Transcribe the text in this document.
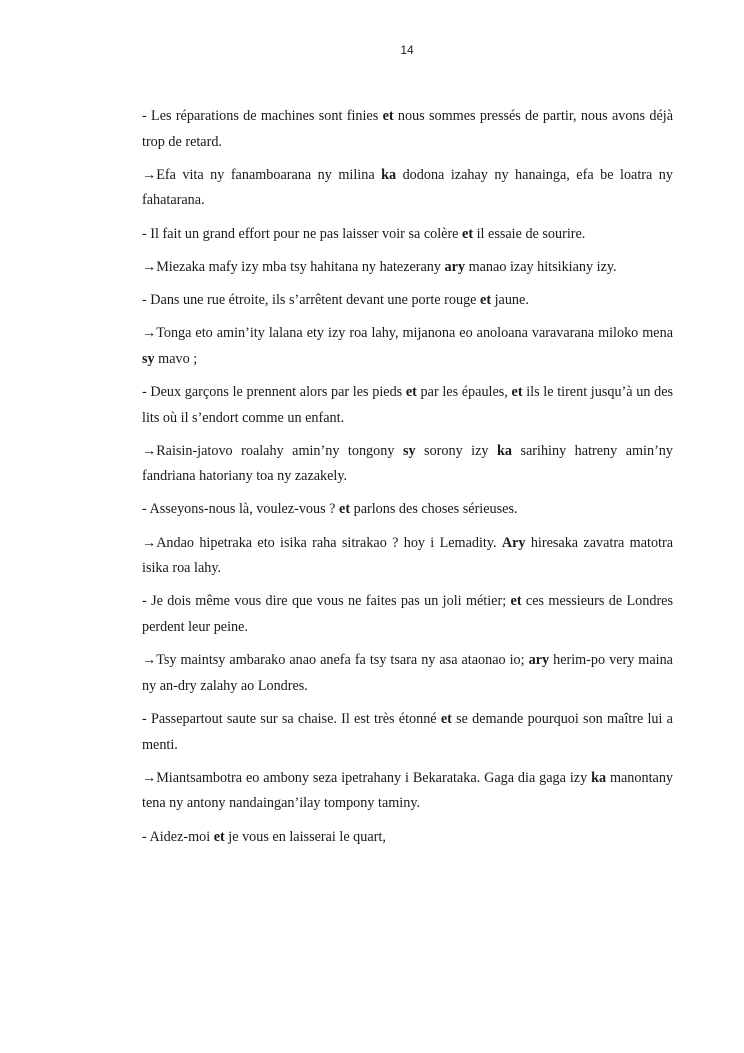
14

- Les réparations de machines sont finies et nous sommes pressés de partir, nous avons déjà trop de retard.

→Efa vita ny fanamboarana ny milina ka dodona izahay ny hanainga, efa be loatra ny fahatarana.

- Il fait un grand effort pour ne pas laisser voir sa colère et il essaie de sourire.

→Miezaka mafy izy mba tsy hahitana ny hatezerany ary manao izay hitsikiany izy.

- Dans une rue étroite, ils s’arrêtent devant une porte rouge et jaune.

→Tonga eto amin’ity lalana ety izy roa lahy, mijanona eo anoloana varavarana miloko mena sy mavo ;

- Deux garçons le prennent alors par les pieds et par les épaules, et ils le tirent jusqu’à un des lits où il s’endort comme un enfant.

→Raisin-jatovo roalahy amin’ny tongony sy sorony izy ka sarihiny hatreny amin’ny fandriana hatoriany toa ny zazakely.

- Asseyons-nous là, voulez-vous ? et parlons des choses sérieuses.

→Andao hipetraka eto isika raha sitrakao ? hoy i Lemadity. Ary hiresaka zavatra matotra isika roa lahy.

- Je dois même vous dire que vous ne faites pas un joli métier; et ces messieurs de Londres perdent leur peine.

→Tsy maintsy ambarako anao anefa fa tsy tsara ny asa ataonao io; ary herim-po very maina ny an-dry zalahy ao Londres.

- Passepartout saute sur sa chaise. Il est très étonné et se demande pourquoi son maître lui a menti.

→Miantsambotra eo ambony seza ipetrahany i Bekarataka. Gaga dia gaga izy ka manontany tena ny antony nandaingan’ilay tompony taminy.

- Aidez-moi et je vous en laisserai le quart,
